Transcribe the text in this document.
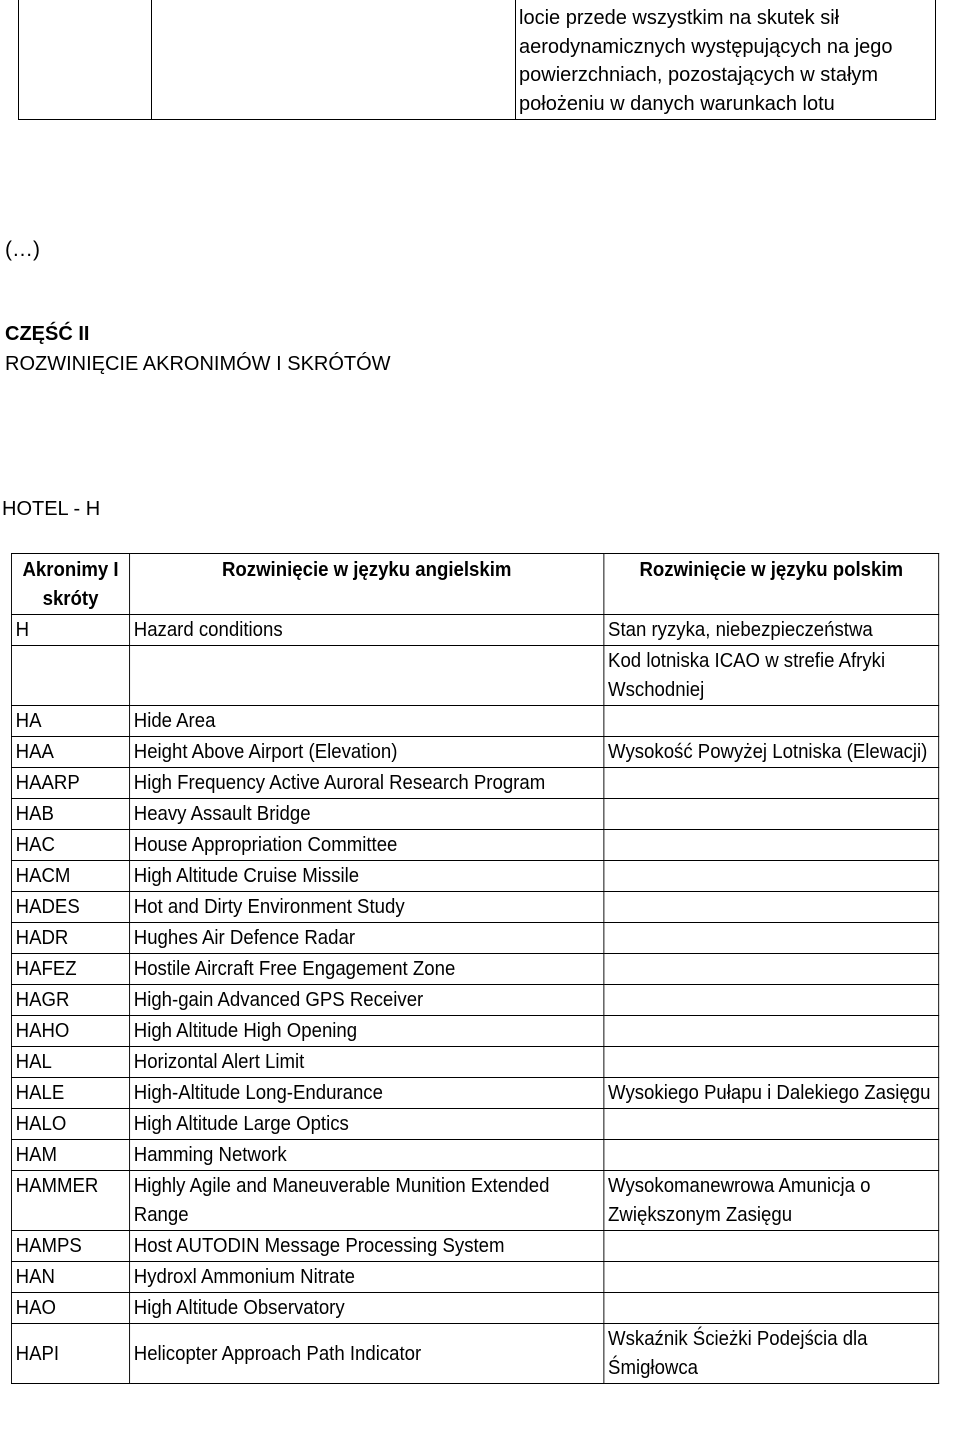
locie przede wszystkim na skutek sił
aerodynamicznych występujących na jego
powierzchniach, pozostających w stałym
położeniu w danych warunkach lotu
(…)
CZĘŚĆ II
ROZWINIĘCIE AKRONIMÓW I SKRÓTÓW
HOTEL - H
Akronimy I skróty	Rozwinięcie w języku angielskim	Rozwinięcie w języku polskim
H	Hazard conditions	Stan ryzyka, niebezpieczeństwa
		Kod lotniska ICAO w strefie Afryki Wschodniej
HA	Hide Area	
HAA	Height Above Airport (Elevation)	Wysokość Powyżej Lotniska (Elewacji)
HAARP	High Frequency Active Auroral Research Program	
HAB	Heavy Assault Bridge	
HAC	House Appropriation Committee	
HACM	High Altitude Cruise Missile	
HADES	Hot and Dirty Environment Study	
HADR	Hughes Air Defence Radar	
HAFEZ	Hostile Aircraft Free Engagement Zone	
HAGR	High-gain Advanced GPS Receiver	
HAHO	High Altitude High Opening	
HAL	Horizontal Alert Limit	
HALE	High-Altitude Long-Endurance	Wysokiego Pułapu i Dalekiego Zasięgu
HALO	High Altitude Large Optics	
HAM	Hamming Network	
HAMMER	Highly Agile and Maneuverable Munition Extended Range	Wysokomanewrowa Amunicja o Zwiększonym Zasięgu
HAMPS	Host AUTODIN Message Processing System	
HAN	Hydroxl Ammonium Nitrate	
HAO	High Altitude Observatory	
HAPI	Helicopter Approach Path Indicator	Wskaźnik Ścieżki Podejścia dla Śmigłowca
